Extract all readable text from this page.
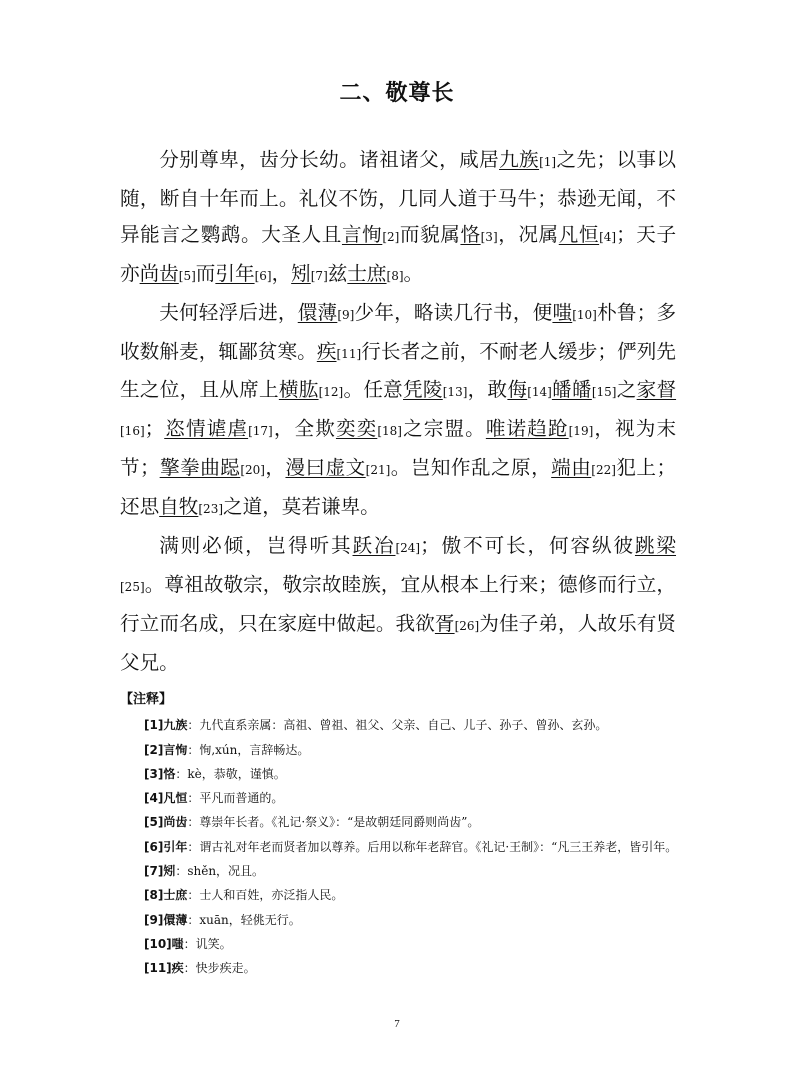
二、敬尊长

分别尊卑，齿分长幼。诸祖诸父，咸居九族[1]之先；以事以随，断自十年而上。礼仪不饬，几同人道于马牛；恭逊无闻，不异能言之鹦鹉。大圣人且言恂[2]而貌属恪[3]，况属凡恒[4]；天子亦尚齿[5]而引年[6]，矧[7]兹士庶[8]。

夫何轻浮后进，儇薄[9]少年，略读几行书，便嗤[10]朴鲁；多收数斛麦，辄鄙贫寒。疾[11]行长者之前，不耐老人缓步；俨列先生之位，且从席上横肱[12]。任意凭陵[13]，敢侮[14]皤皤[15]之家督[16]；恣情谑虐[17]，全欺奕奕[18]之宗盟。唯诺趋跄[19]，视为末节；擎拳曲跽[20]，漫曰虚文[21]。岂知作乱之原，端由[22]犯上；还思自牧[23]之道，莫若谦卑。

满则必倾，岂得听其跃冶[24]；傲不可长，何容纵彼跳梁[25]。尊祖故敬宗，敬宗故睦族，宜从根本上行来；德修而行立，行立而名成，只在家庭中做起。我欲胥[26]为佳子弟，人故乐有贤父兄。

【注释】
[1]九族：九代直系亲属：高祖、曾祖、祖父、父亲、自己、儿子、孙子、曾孙、玄孙。
[2]言恂：恂,xún，言辞畅达。
[3]恪：kè，恭敬，谨慎。
[4]凡恒：平凡而普通的。
[5]尚齿：尊崇年长者。《礼记·祭义》：“是故朝廷同爵则尚齿”。
[6]引年：谓古礼对年老而贤者加以尊养。后用以称年老辞官。《礼记·王制》：“凡三王养老，皆引年。
[7]矧：shěn，况且。
[8]士庶：士人和百姓，亦泛指人民。
[9]儇薄：xuān，轻佻无行。
[10]嗤：讥笑。
[11]疾：快步疾走。
7
